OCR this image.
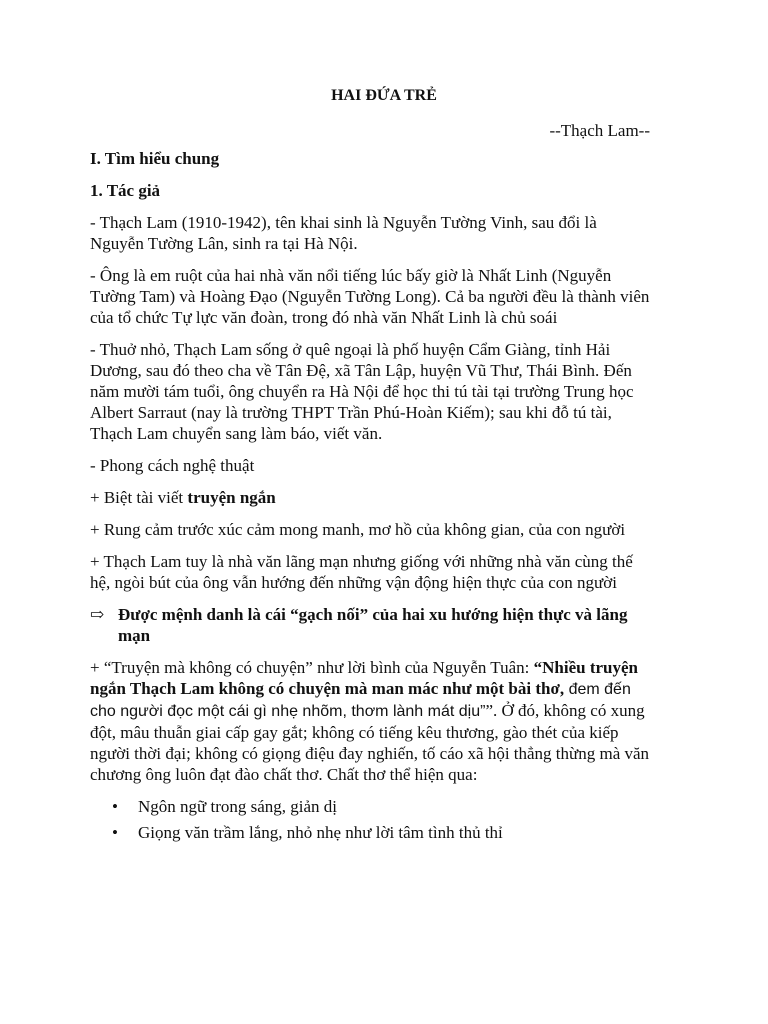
HAI ĐỨA TRẺ
--Thạch Lam--

I. Tìm hiểu chung

1. Tác giả

- Thạch Lam (1910-1942), tên khai sinh là Nguyễn Tường Vinh, sau đổi là Nguyễn Tường Lân, sinh ra tại Hà Nội.

- Ông là em ruột của hai nhà văn nổi tiếng lúc bấy giờ là Nhất Linh (Nguyễn Tường Tam) và Hoàng Đạo (Nguyễn Tường Long). Cả ba người đều là thành viên của tổ chức Tự lực văn đoàn, trong đó nhà văn Nhất Linh là chủ soái

- Thuở nhỏ, Thạch Lam sống ở quê ngoại là phố huyện Cẩm Giàng, tỉnh Hải Dương, sau đó theo cha về Tân Đệ, xã Tân Lập, huyện Vũ Thư, Thái Bình. Đến năm mười tám tuổi, ông chuyển ra Hà Nội để học thi tú tài tại trường Trung học Albert Sarraut (nay là trường THPT Trần Phú-Hoàn Kiếm); sau khi đỗ tú tài, Thạch Lam chuyển sang làm báo, viết văn.

- Phong cách nghệ thuật

+ Biệt tài viết truyện ngắn

+ Rung cảm trước xúc cảm mong manh, mơ hồ của không gian, của con người

+ Thạch Lam tuy là nhà văn lãng mạn nhưng giống với những nhà văn cùng thế hệ, ngòi bút của ông vẫn hướng đến những vận động hiện thực của con người

⇨ Được mệnh danh là cái “gạch nối” của hai xu hướng hiện thực và lãng mạn

+ “Truyện mà không có chuyện” như lời bình của Nguyễn Tuân: “Nhiều truyện ngắn Thạch Lam không có chuyện mà man mác như một bài thơ, đem đến cho người đọc một cái gì nhẹ nhõm, thơm lành mát dịu””. Ở đó, không có xung đột, mâu thuẫn giai cấp gay gắt; không có tiếng kêu thương, gào thét của kiếp người thời đại; không có giọng điệu đay nghiến, tố cáo xã hội thẳng thừng mà văn chương ông luôn đạt đào chất thơ. Chất thơ thể hiện qua:

• Ngôn ngữ trong sáng, giản dị
• Giọng văn trầm lắng, nhỏ nhẹ như lời tâm tình thủ thỉ
